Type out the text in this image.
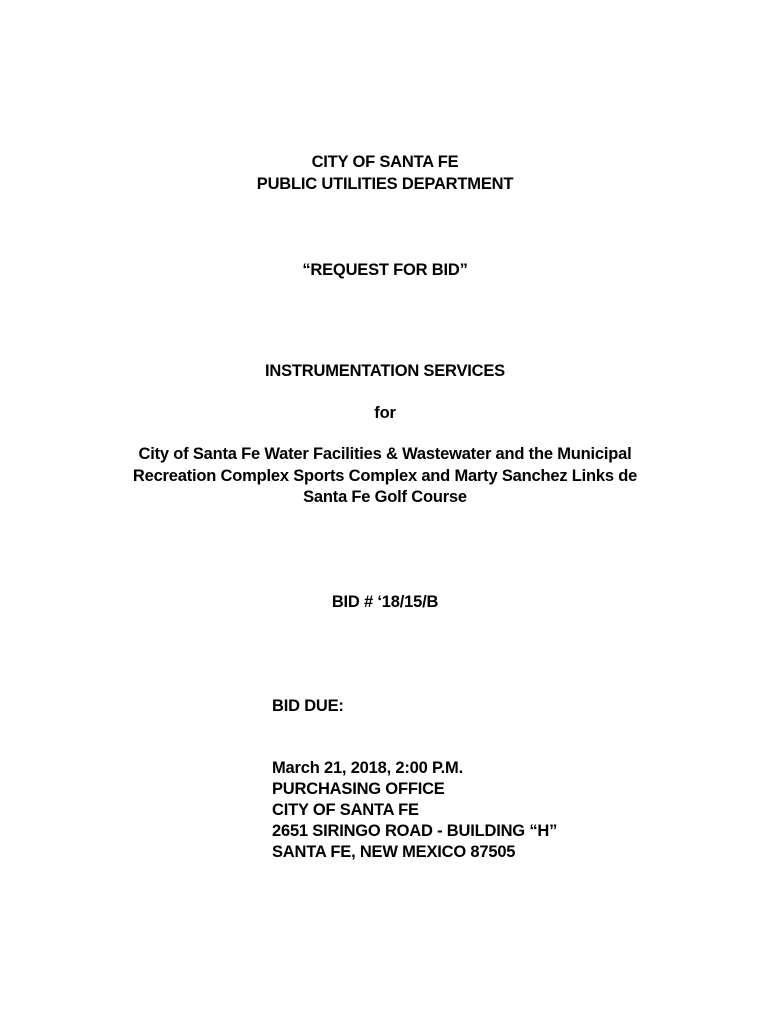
CITY OF SANTA FE
PUBLIC UTILITIES DEPARTMENT
“REQUEST FOR BID”
INSTRUMENTATION SERVICES
for
City of Santa Fe Water Facilities & Wastewater and the Municipal
Recreation Complex Sports Complex and Marty Sanchez Links de
Santa Fe Golf Course
BID # ‘18/15/B
BID DUE:
March 21, 2018, 2:00 P.M.
PURCHASING OFFICE
CITY OF SANTA FE
2651 SIRINGO ROAD - BUILDING “H”
SANTA FE, NEW MEXICO 87505
